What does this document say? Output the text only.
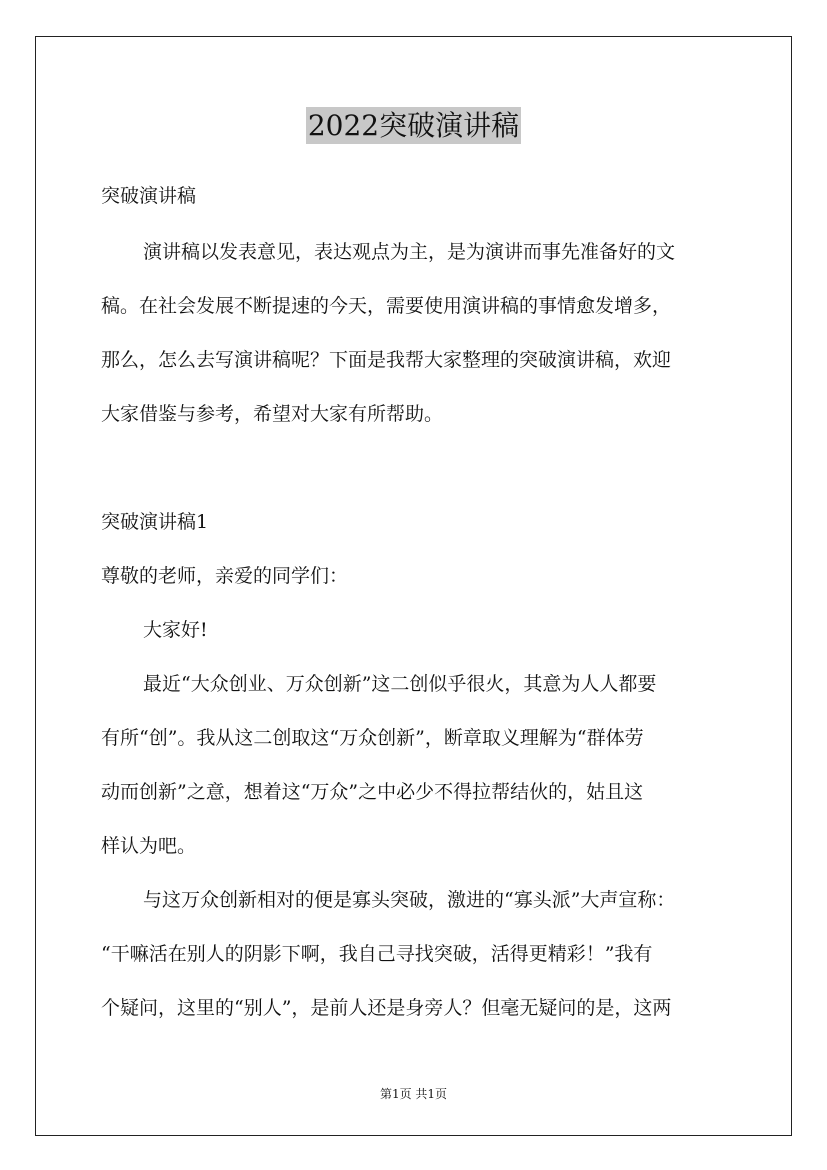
2022突破演讲稿
突破演讲稿
演讲稿以发表意见，表达观点为主，是为演讲而事先准备好的文
稿。在社会发展不断提速的今天，需要使用演讲稿的事情愈发增多，
那么，怎么去写演讲稿呢？下面是我帮大家整理的突破演讲稿，欢迎
大家借鉴与参考，希望对大家有所帮助。
突破演讲稿1
尊敬的老师，亲爱的同学们：
大家好!
最近“大众创业、万众创新”这二创似乎很火，其意为人人都要
有所“创”。我从这二创取这“万众创新”，断章取义理解为“群体劳
动而创新”之意，想着这“万众”之中必少不得拉帮结伙的，姑且这
样认为吧。
与这万众创新相对的便是寡头突破，激进的“寡头派”大声宣称：
“干嘛活在别人的阴影下啊，我自己寻找突破，活得更精彩！”我有
个疑问，这里的“别人”，是前人还是身旁人？但毫无疑问的是，这两
第1页 共1页
